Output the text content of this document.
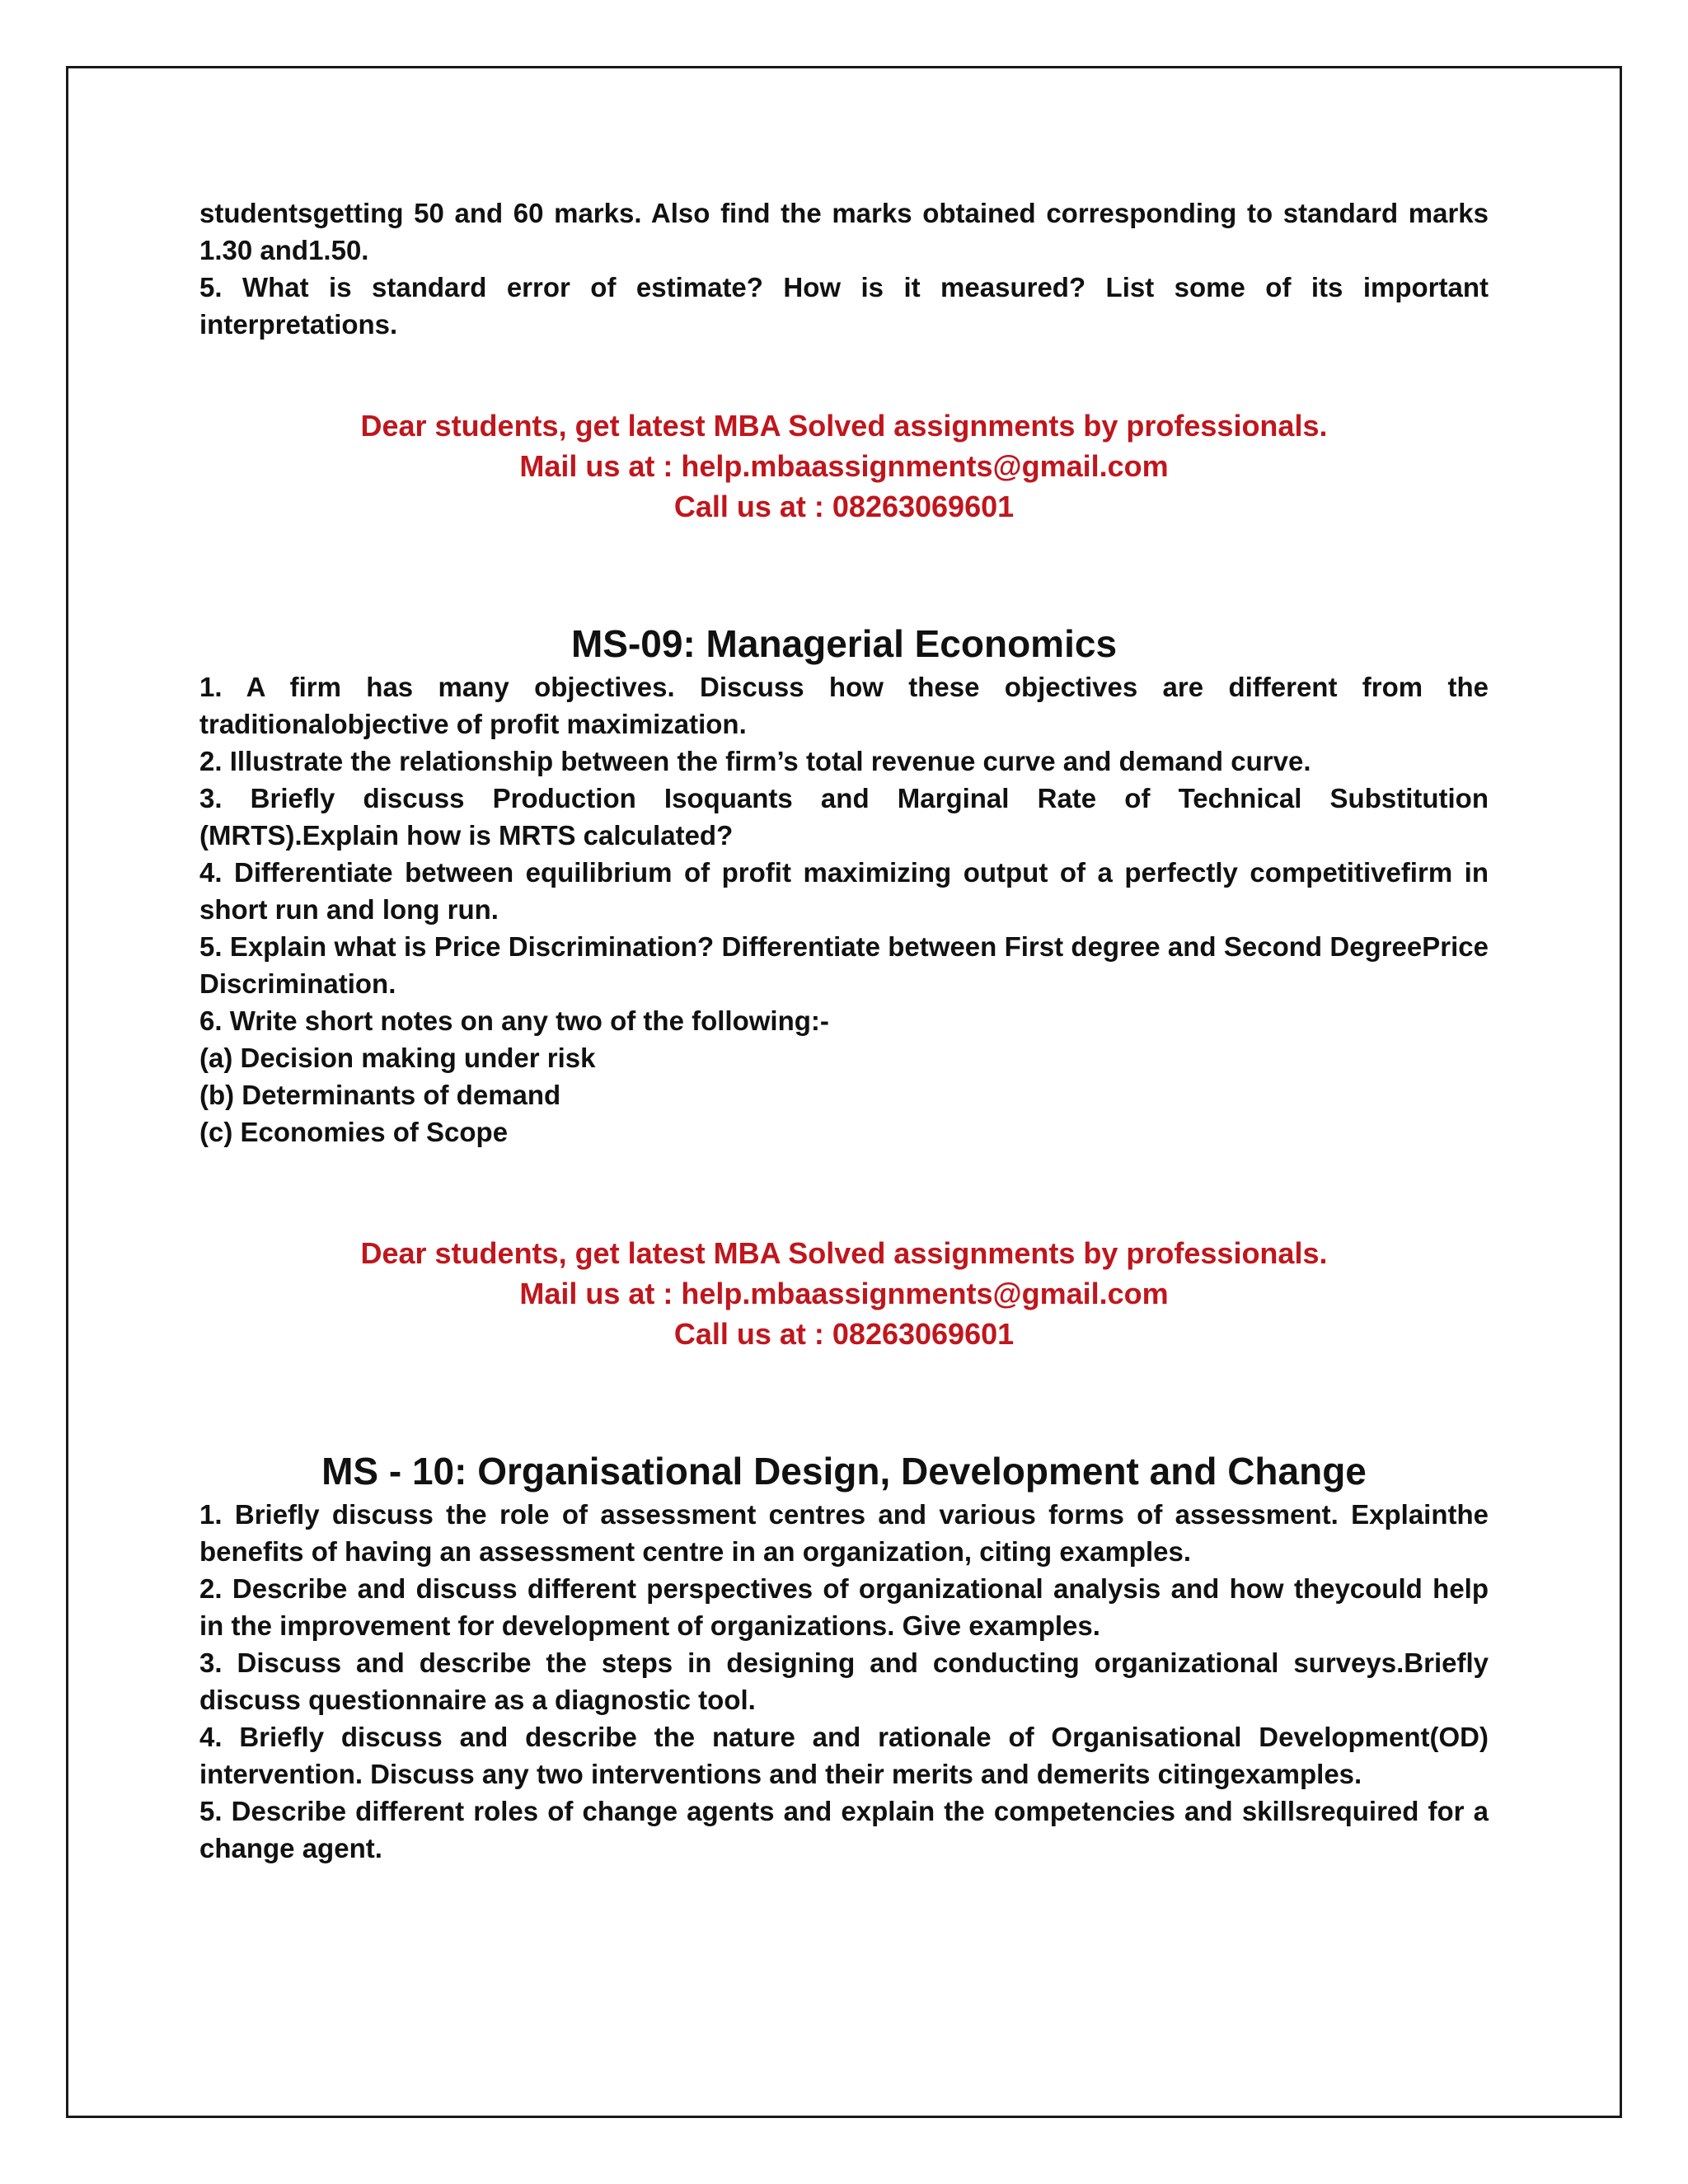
studentsgetting 50 and 60 marks. Also find the marks obtained corresponding to standard marks 1.30 and1.50.

5. What is standard error of estimate? How is it measured? List some of its important interpretations.

Dear students, get latest MBA Solved assignments by professionals.
Mail us at : help.mbaassignments@gmail.com
Call us at : 08263069601
MS-09: Managerial Economics

1. A firm has many objectives. Discuss how these objectives are different from the traditionalobjective of profit maximization.

2. Illustrate the relationship between the firm’s total revenue curve and demand curve.

3. Briefly discuss Production Isoquants and Marginal Rate of Technical Substitution (MRTS).Explain how is MRTS calculated?

4. Differentiate between equilibrium of profit maximizing output of a perfectly competitivefirm in short run and long run.

5. Explain what is Price Discrimination? Differentiate between First degree and Second DegreePrice Discrimination.

6. Write short notes on any two of the following:-

(a) Decision making under risk

(b) Determinants of demand

(c) Economies of Scope

Dear students, get latest MBA Solved assignments by professionals.
Mail us at : help.mbaassignments@gmail.com
Call us at : 08263069601
MS - 10: Organisational Design, Development and Change

1. Briefly discuss the role of assessment centres and various forms of assessment. Explainthe benefits of having an assessment centre in an organization, citing examples.

2. Describe and discuss different perspectives of organizational analysis and how theycould help in the improvement for development of organizations. Give examples.

3. Discuss and describe the steps in designing and conducting organizational surveys.Briefly discuss questionnaire as a diagnostic tool.

4. Briefly discuss and describe the nature and rationale of Organisational Development(OD) intervention. Discuss any two interventions and their merits and demerits citingexamples.

5. Describe different roles of change agents and explain the competencies and skillsrequired for a change agent.
